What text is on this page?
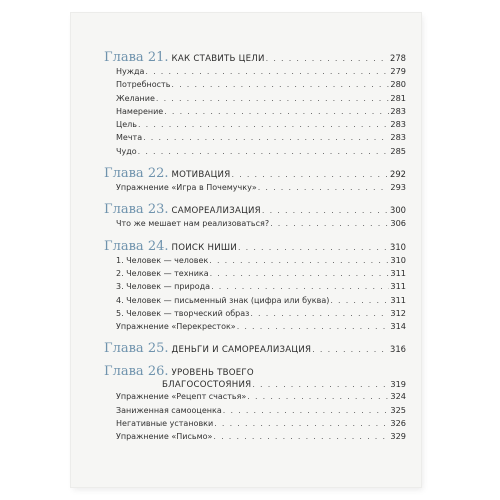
Глава 21. КАК СТАВИТЬ ЦЕЛИ . . .	278
Нужда . . .	279
Потребность . . .	280
Желание . . .	281
Намерение . . .	283
Цель . . .	283
Мечта . . .	283
Чудо . . .	285
Глава 22. МОТИВАЦИЯ . . .	292
Упражнение «Игра в Почемучку» . . .	293
Глава 23. САМОРЕАЛИЗАЦИЯ . . .	300
Что же мешает нам реализоваться? . . .	306
Глава 24. ПОИСК НИШИ . . .	310
1. Человек — человек . . .	310
2. Человек — техника . . .	311
3. Человек — природа . . .	311
4. Человек — письменный знак (цифра или буква) . . .	311
5. Человек — творческий образ . . .	312
Упражнение «Перекресток» . . .	314
Глава 25. ДЕНЬГИ И САМОРЕАЛИЗАЦИЯ . . .	316
Глава 26. УРОВЕНЬ ТВОЕГО
БЛАГОСОСТОЯНИЯ . . .	319
Упражнение «Рецепт счастья» . . .	324
Заниженная самооценка . . .	325
Негативные установки . . .	326
Упражнение «Письмо» . . .	329
